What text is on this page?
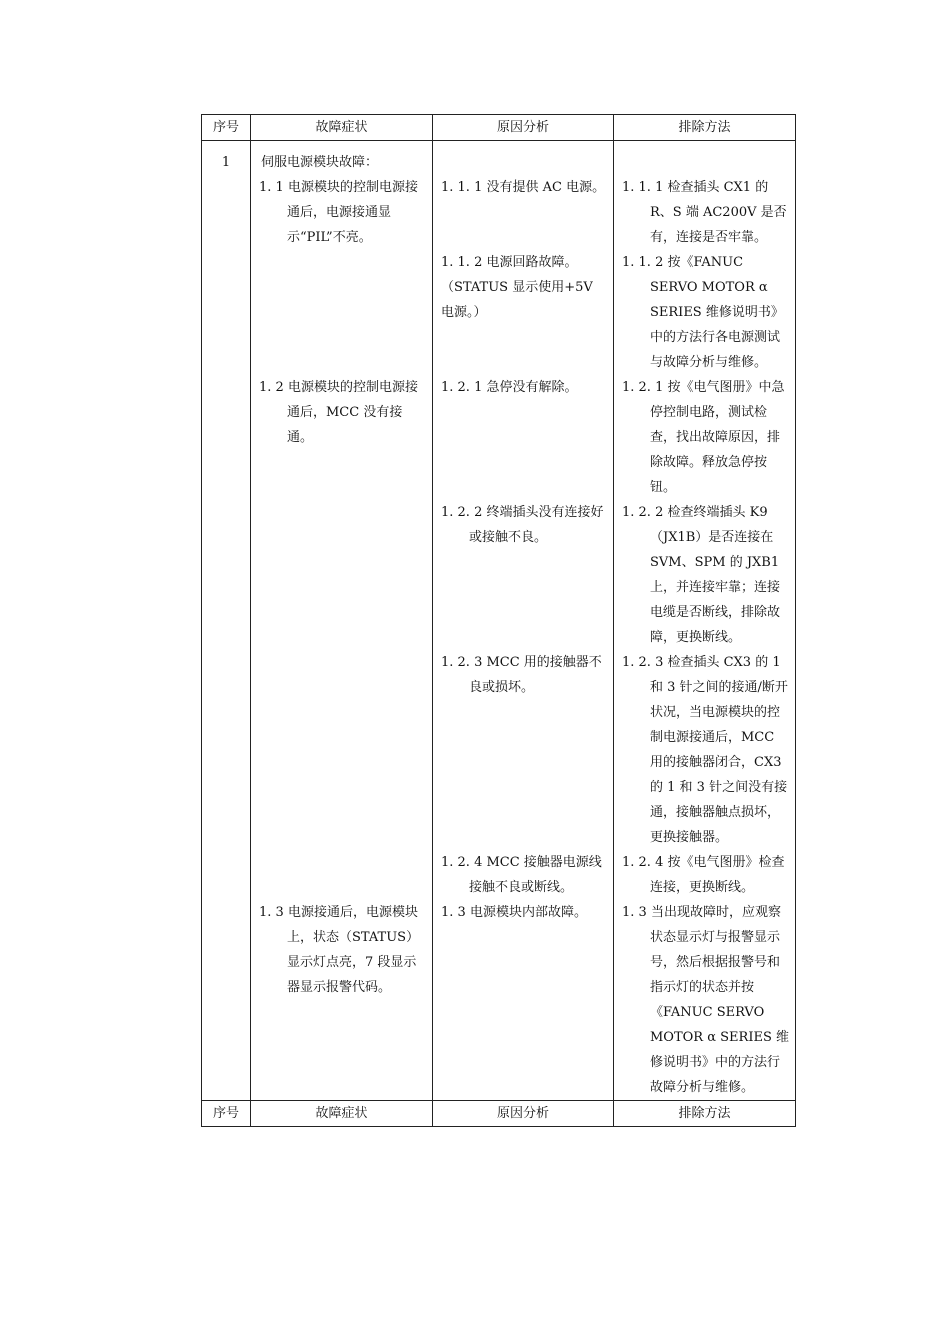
序号	故障症状	原因分析	排除方法
1	伺服电源模块故障：		

	1. 1 电源模块的控制电源接通后，电源接通显示“PIL”不亮。	1. 1. 1 没有提供 AC 电源。	1. 1. 1 检查插头 CX1 的 R、S 端 AC200V 是否有，连接是否牢靠。

		1. 1. 2 电源回路故障。（STATUS 显示使用+5V 电源。）	1. 1. 2 按《FANUC SERVO MOTOR α SERIES 维修说明书》中的方法行各电源测试与故障分析与维修。

	1. 2 电源模块的控制电源接通后，MCC 没有接通。	1. 2. 1 急停没有解除。	1. 2. 1 按《电气图册》中急停控制电路，测试检查，找出故障原因，排除故障。释放急停按钮。

		1. 2. 2 终端插头没有连接好或接触不良。	1. 2. 2 检查终端插头 K9（JX1B）是否连接在 SVM、SPM 的 JXB1 上，并连接牢靠；连接电缆是否断线，排除故障，更换断线。

		1. 2. 3 MCC 用的接触器不良或损坏。	1. 2. 3 检查插头 CX3 的 1 和 3 针之间的接通/断开状况，当电源模块的控制电源接通后，MCC 用的接触器闭合，CX3 的 1 和 3 针之间没有接通，接触器触点损坏，更换接触器。

		1. 2. 4 MCC 接触器电源线接触不良或断线。	1. 2. 4 按《电气图册》检查连接，更换断线。

	1. 3 电源接通后，电源模块上，状态（STATUS）显示灯点亮，7 段显示器显示报警代码。	1. 3 电源模块内部故障。	1. 3 当出现故障时，应观察状态显示灯与报警显示号，然后根据报警号和指示灯的状态并按《FANUC SERVO MOTOR α SERIES 维修说明书》中的方法行故障分析与维修。

序号	故障症状	原因分析	排除方法
